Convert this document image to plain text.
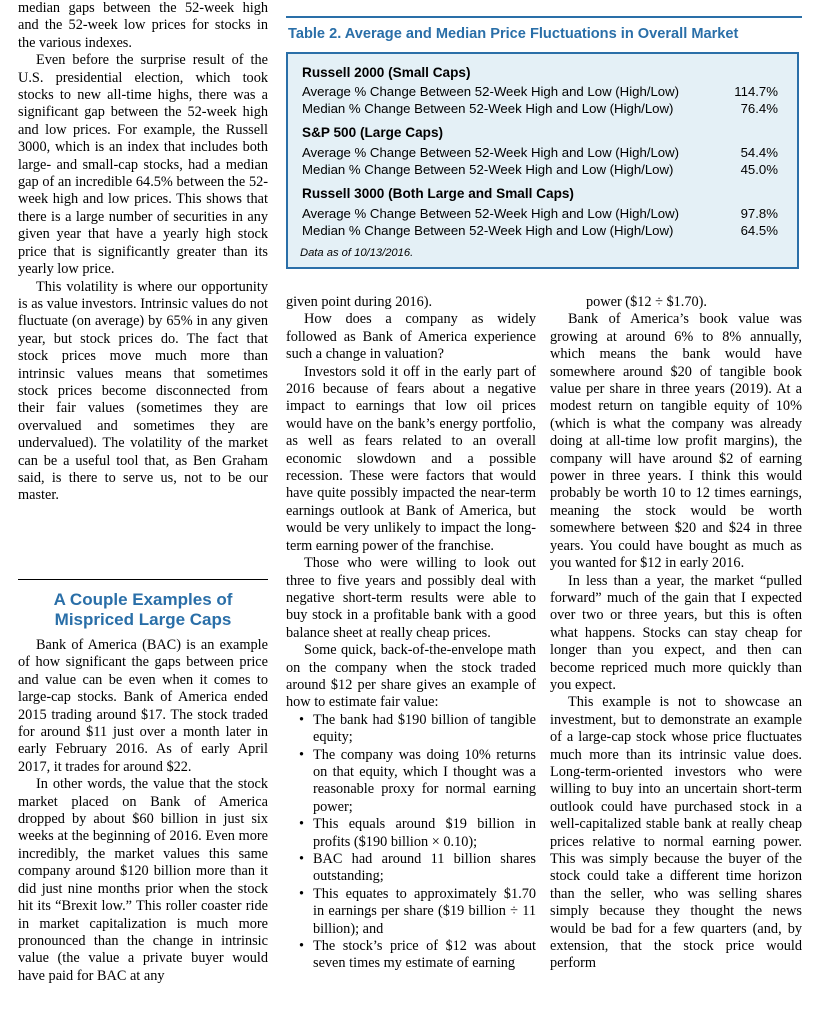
median gaps between the 52-week high and the 52-week low prices for stocks in the various indexes.

Even before the surprise result of the U.S. presidential election, which took stocks to new all-time highs, there was a significant gap between the 52-week high and low prices. For example, the Russell 3000, which is an index that includes both large- and small-cap stocks, had a median gap of an incredible 64.5% between the 52-week high and low prices. This shows that there is a large number of securities in any given year that have a yearly high stock price that is significantly greater than its yearly low price.

This volatility is where our opportunity is as value investors. Intrinsic values do not fluctuate (on average) by 65% in any given year, but stock prices do. The fact that stock prices move much more than intrinsic values means that sometimes stock prices become disconnected from their fair values (sometimes they are overvalued and sometimes they are undervalued). The volatility of the market can be a useful tool that, as Ben Graham said, is there to serve us, not to be our master.

A Couple Examples of
Mispriced Large Caps

Bank of America (BAC) is an example of how significant the gaps between price and value can be even when it comes to large-cap stocks. Bank of America ended 2015 trading around $17. The stock traded for around $11 just over a month later in early February 2016. As of early April 2017, it trades for around $22.

In other words, the value that the stock market placed on Bank of America dropped by about $60 billion in just six weeks at the beginning of 2016. Even more incredibly, the market values this same company around $120 billion more than it did just nine months prior when the stock hit its “Brexit low.” This roller coaster ride in market capitalization is much more pronounced than the change in intrinsic value (the value a private buyer would have paid for BAC at any

Table 2. Average and Median Price Fluctuations in Overall Market
Russell 2000 (Small Caps)
Average % Change Between 52-Week High and Low (High/Low)	114.7%
Median % Change Between 52-Week High and Low (High/Low)	76.4%
S&P 500 (Large Caps)
Average % Change Between 52-Week High and Low (High/Low)	54.4%
Median % Change Between 52-Week High and Low (High/Low)	45.0%
Russell 3000 (Both Large and Small Caps)
Average % Change Between 52-Week High and Low (High/Low)	97.8%
Median % Change Between 52-Week High and Low (High/Low)	64.5%
Data as of 10/13/2016.

given point during 2016).

How does a company as widely followed as Bank of America experience such a change in valuation?

Investors sold it off in the early part of 2016 because of fears about a negative impact to earnings that low oil prices would have on the bank’s energy portfolio, as well as fears related to an overall economic slowdown and a possible recession. These were factors that would have quite possibly impacted the near-term earnings outlook at Bank of America, but would be very unlikely to impact the long-term earning power of the franchise.

Those who were willing to look out three to five years and possibly deal with negative short-term results were able to buy stock in a profitable bank with a good balance sheet at really cheap prices.

Some quick, back-of-the-envelope math on the company when the stock traded around $12 per share gives an example of how to estimate fair value:

• The bank had $190 billion of tangible equity;
• The company was doing 10% returns on that equity, which I thought was a reasonable proxy for normal earning power;
• This equals around $19 billion in profits ($190 billion × 0.10);
• BAC had around 11 billion shares outstanding;
• This equates to approximately $1.70 in earnings per share ($19 billion ÷ 11 billion); and
• The stock’s price of $12 was about seven times my estimate of earning

power ($12 ÷ $1.70).

Bank of America’s book value was growing at around 6% to 8% annually, which means the bank would have somewhere around $20 of tangible book value per share in three years (2019). At a modest return on tangible equity of 10% (which is what the company was already doing at all-time low profit margins), the company will have around $2 of earning power in three years. I think this would probably be worth 10 to 12 times earnings, meaning the stock would be worth somewhere between $20 and $24 in three years. You could have bought as much as you wanted for $12 in early 2016.

In less than a year, the market “pulled forward” much of the gain that I expected over two or three years, but this is often what happens. Stocks can stay cheap for longer than you expect, and then can become repriced much more quickly than you expect.

This example is not to showcase an investment, but to demonstrate an example of a large-cap stock whose price fluctuates much more than its intrinsic value does. Long-term-oriented investors who were willing to buy into an uncertain short-term outlook could have purchased stock in a well-capitalized stable bank at really cheap prices relative to normal earning power. This was simply because the buyer of the stock could take a different time horizon than the seller, who was selling shares simply because they thought the news would be bad for a few quarters (and, by extension, that the stock price would perform
